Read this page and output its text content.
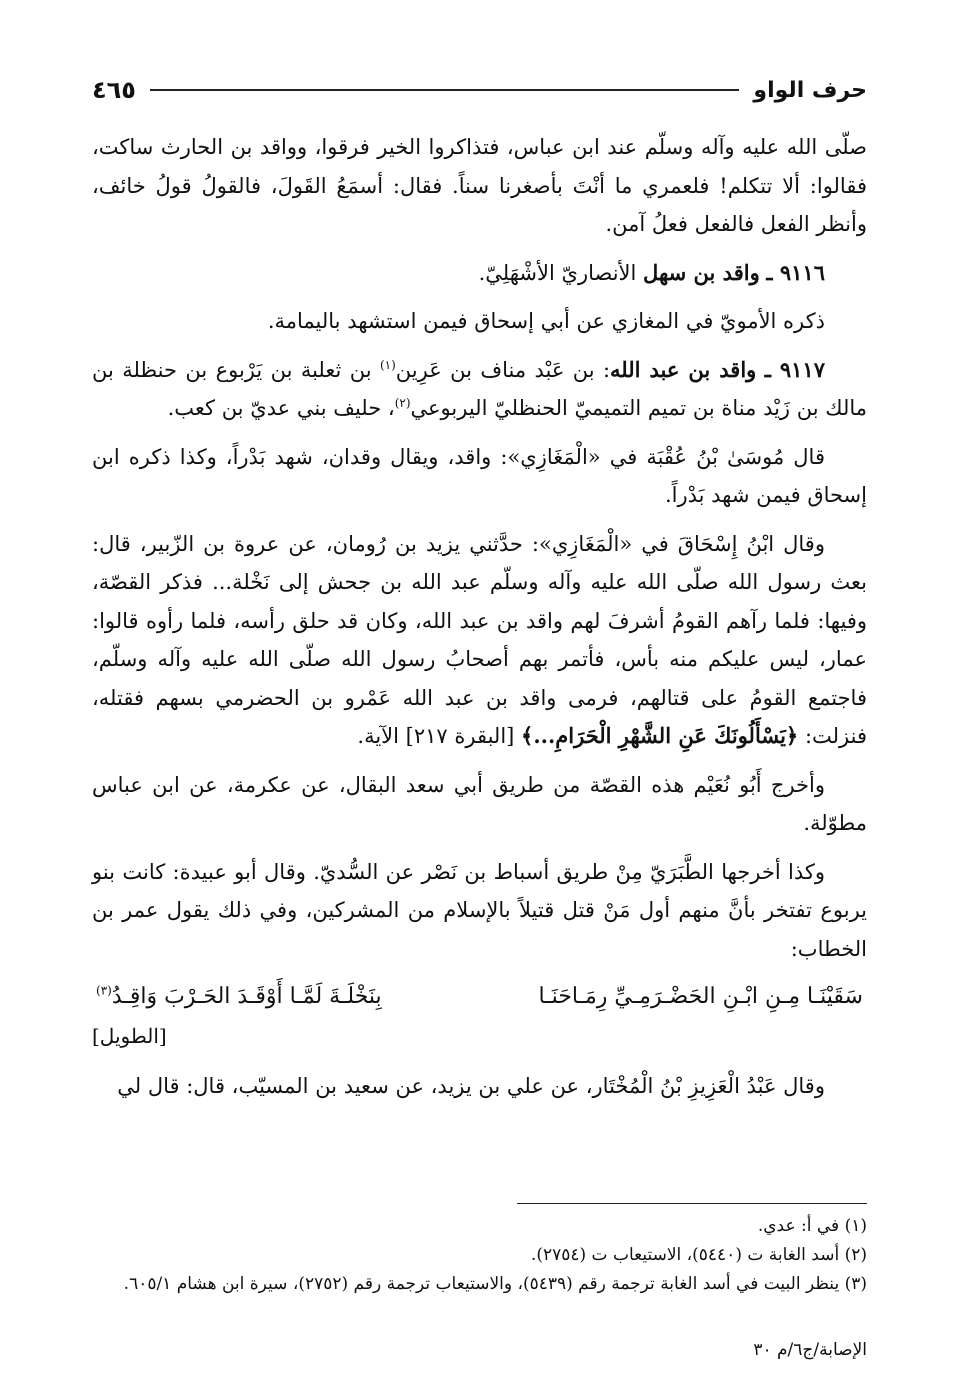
حرف الواو
٤٦٥

صلّى الله عليه وآله وسلّم عند ابن عباس، فتذاكروا الخير فرقوا، وواقد بن الحارث ساكت، فقالوا: ألا تتكلم! فلعمري ما أنْتَ بأصغرنا سناً. فقال: أسمَعُ القَولَ، فالقولُ قولُ خائف، وأنظر الفعل فالفعل فعلُ آمن.

٩١١٦ ـ واقد بن سهل الأنصاريّ الأشْهَلِيّ.

ذكره الأمويّ في المغازي عن أبي إسحاق فيمن استشهد باليمامة.

٩١١٧ ـ واقد بن عبد الله: بن عَبْد مناف بن عَرِين$^{(١)}$ بن ثعلبة بن يَرْبوع بن حنظلة بن مالك بن زَيْد مناة بن تميم التميميّ الحنظليّ اليربوعي$^{(٢)}$، حليف بني عديّ بن كعب.

قال مُوسَىٰ بْنُ عُقْبَة في «الْمَغَازِي»: واقد، ويقال وقدان، شهد بَدْراً، وكذا ذكره ابن إسحاق فيمن شهد بَدْراً.

وقال ابْنُ إِسْحَاقَ في «الْمَغَازِي»: حدَّثني يزيد بن رُومان، عن عروة بن الزّبير، قال: بعث رسول الله صلّى الله عليه وآله وسلّم عبد الله بن جحش إلى نَخْلة... فذكر القصّة، وفيها: فلما رآهم القومُ أشرفَ لهم واقد بن عبد الله، وكان قد حلق رأسه، فلما رأوه قالوا: عمار، ليس عليكم منه بأس، فأتمر بهم أصحابُ رسول الله صلّى الله عليه وآله وسلّم، فاجتمع القومُ على قتالهم، فرمى واقد بن عبد الله عَمْرو بن الحضرمي بسهم فقتله، فنزلت: ﴿يَسْأَلُونَكَ عَنِ الشَّهْرِ الْحَرَامِ...﴾ [البقرة ٢١٧] الآية.

وأخرج أَبُو نُعَيْم هذه القصّة من طريق أبي سعد البقال، عن عكرمة، عن ابن عباس مطوّلة.

وكذا أخرجها الطَّبَرَيّ مِنْ طريق أسباط بن نَصْر عن السُّديّ. وقال أبو عبيدة: كانت بنو يربوع تفتخر بأنَّ منهم أول مَنْ قتل قتيلاً بالإسلام من المشركين، وفي ذلك يقول عمر بن الخطاب:

سَقَيْنَـا مِـنِ ابْـنِ الحَضْـرَمِـيِّ رِمَـاحَنَـا
بِنَخْلَـةَ لَمَّـا أَوْقَـدَ الحَـرْبَ وَاقِـدُ$^{(٣)}$
[الطويل]

وقال عَبْدُ الْعَزِيزِ بْنُ الْمُخْتَار، عن علي بن يزيد، عن سعيد بن المسيّب، قال: قال لي

(١) في أ: عدي.

(٢) أسد الغابة ت (٥٤٤٠)، الاستيعاب ت (٢٧٥٤).

(٣) ينظر البيت في أسد الغابة ترجمة رقم (٥٤٣٩)، والاستيعاب ترجمة رقم (٢٧٥٢)، سيرة ابن هشام ٦٠٥/١.

الإصابة/ج٦/م ٣٠
